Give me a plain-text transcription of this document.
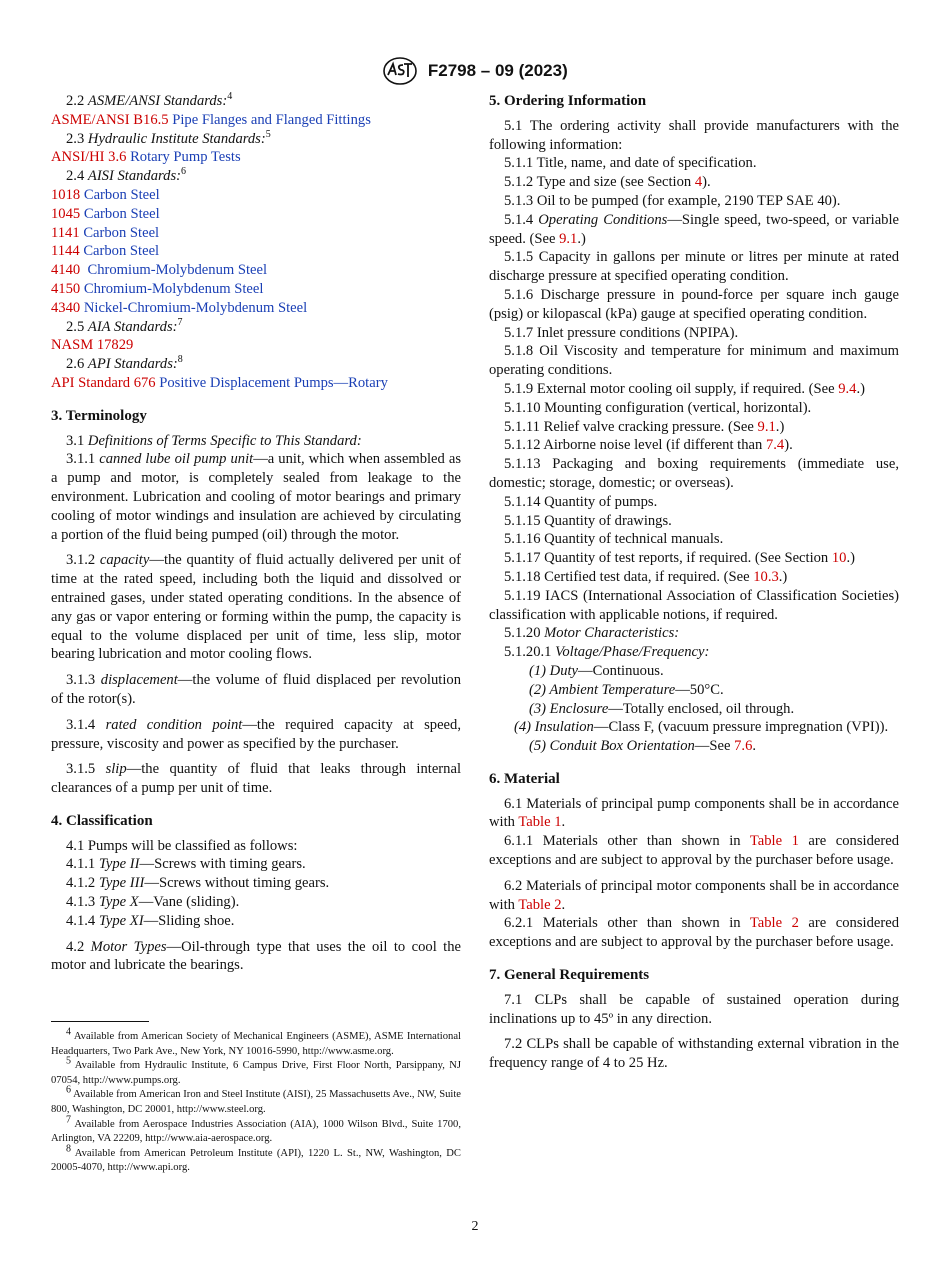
F2798 – 09 (2023)

2.2 ASME/ANSI Standards:$^4$

ASME/ANSI B16.5 Pipe Flanges and Flanged Fittings

2.3 Hydraulic Institute Standards:$^5$

ANSI/HI 3.6 Rotary Pump Tests

2.4 AISI Standards:$^6$

1018 Carbon Steel

1045 Carbon Steel

1141 Carbon Steel

1144 Carbon Steel

4140  Chromium-Molybdenum Steel

4150 Chromium-Molybdenum Steel

4340 Nickel-Chromium-Molybdenum Steel

2.5 AIA Standards:$^7$

NASM 17829

2.6 API Standards:$^8$

API Standard 676 Positive Displacement Pumps—Rotary

3. Terminology

3.1 Definitions of Terms Specific to This Standard:

3.1.1 canned lube oil pump unit—a unit, which when assembled as a pump and motor, is completely sealed from leakage to the environment. Lubrication and cooling of motor bearings and primary cooling of motor windings and insulation are achieved by circulating a portion of the fluid being pumped (oil) through the motor.

3.1.2 capacity—the quantity of fluid actually delivered per unit of time at the rated speed, including both the liquid and dissolved or entrained gases, under stated operating conditions. In the absence of any gas or vapor entering or forming within the pump, the capacity is equal to the volume displaced per unit of time, less slip, motor bearing lubrication and motor cooling flows.

3.1.3 displacement—the volume of fluid displaced per revolution of the rotor(s).

3.1.4 rated condition point—the required capacity at speed, pressure, viscosity and power as specified by the purchaser.

3.1.5 slip—the quantity of fluid that leaks through internal clearances of a pump per unit of time.

4. Classification

4.1 Pumps will be classified as follows:

4.1.1 Type II—Screws with timing gears.

4.1.2 Type III—Screws without timing gears.

4.1.3 Type X—Vane (sliding).

4.1.4 Type XI—Sliding shoe.

4.2 Motor Types—Oil-through type that uses the oil to cool the motor and lubricate the bearings.

$^4$ Available from American Society of Mechanical Engineers (ASME), ASME International Headquarters, Two Park Ave., New York, NY 10016-5990, http://www.asme.org.

$^5$ Available from Hydraulic Institute, 6 Campus Drive, First Floor North, Parsippany, NJ 07054, http://www.pumps.org.

$^6$ Available from American Iron and Steel Institute (AISI), 25 Massachusetts Ave., NW, Suite 800, Washington, DC 20001, http://www.steel.org.

$^7$ Available from Aerospace Industries Association (AIA), 1000 Wilson Blvd., Suite 1700, Arlington, VA 22209, http://www.aia-aerospace.org.

$^8$ Available from American Petroleum Institute (API), 1220 L. St., NW, Washington, DC 20005-4070, http://www.api.org.

5. Ordering Information

5.1 The ordering activity shall provide manufacturers with the following information:

5.1.1 Title, name, and date of specification.

5.1.2 Type and size (see Section 4).

5.1.3 Oil to be pumped (for example, 2190 TEP SAE 40).

5.1.4 Operating Conditions—Single speed, two-speed, or variable speed. (See 9.1.)

5.1.5 Capacity in gallons per minute or litres per minute at rated discharge pressure at specified operating condition.

5.1.6 Discharge pressure in pound-force per square inch gauge (psig) or kilopascal (kPa) gauge at specified operating condition.

5.1.7 Inlet pressure conditions (NPIPA).

5.1.8 Oil Viscosity and temperature for minimum and maximum operating conditions.

5.1.9 External motor cooling oil supply, if required. (See 9.4.)

5.1.10 Mounting configuration (vertical, horizontal).

5.1.11 Relief valve cracking pressure. (See 9.1.)

5.1.12 Airborne noise level (if different than 7.4).

5.1.13 Packaging and boxing requirements (immediate use, domestic; storage, domestic; or overseas).

5.1.14 Quantity of pumps.

5.1.15 Quantity of drawings.

5.1.16 Quantity of technical manuals.

5.1.17 Quantity of test reports, if required. (See Section 10.)

5.1.18 Certified test data, if required. (See 10.3.)

5.1.19 IACS (International Association of Classification Societies) classification with applicable notions, if required.

5.1.20 Motor Characteristics:

5.1.20.1 Voltage/Phase/Frequency:

(1) Duty—Continuous.

(2) Ambient Temperature—50°C.

(3) Enclosure—Totally enclosed, oil through.

(4) Insulation—Class F, (vacuum pressure impregnation (VPI)).

(5) Conduit Box Orientation—See 7.6.

6. Material

6.1 Materials of principal pump components shall be in accordance with Table 1.

6.1.1 Materials other than shown in Table 1 are considered exceptions and are subject to approval by the purchaser before usage.

6.2 Materials of principal motor components shall be in accordance with Table 2.

6.2.1 Materials other than shown in Table 2 are considered exceptions and are subject to approval by the purchaser before usage.

7. General Requirements

7.1 CLPs shall be capable of sustained operation during inclinations up to 45º in any direction.

7.2 CLPs shall be capable of withstanding external vibration in the frequency range of 4 to 25 Hz.

2
